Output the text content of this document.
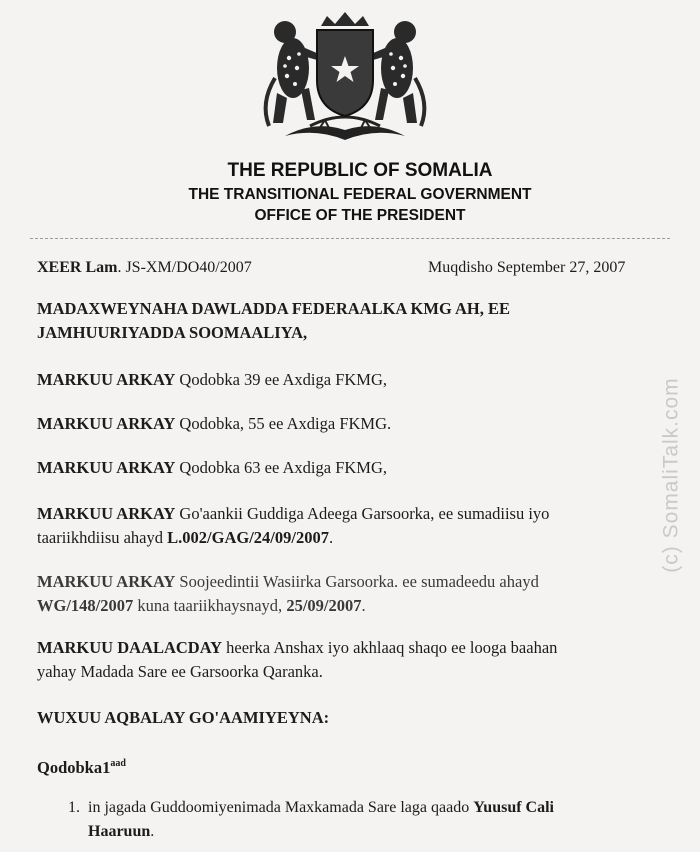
THE REPUBLIC OF SOMALIA
THE TRANSITIONAL FEDERAL GOVERNMENT
OFFICE OF THE PRESIDENT
XEER Lam. JS-XM/DO40/2007	Muqdisho September 27, 2007
MADAXWEYNAHA DAWLADDA FEDERAALKA KMG AH, EE
JAMHUURIYADDA SOOMAALIYA,
MARKUU ARKAY Qodobka 39 ee Axdiga FKMG,
MARKUU ARKAY Qodobka, 55 ee Axdiga FKMG.
MARKUU ARKAY Qodobka 63 ee Axdiga FKMG,
MARKUU ARKAY Go'aankii Guddiga Adeega Garsoorka, ee sumadiisu iyo
taariikhdiisu ahayd L.002/GAG/24/09/2007.
MARKUU ARKAY Soojeedintii Wasiirka Garsoorka. ee sumadeedu ahayd
WG/148/2007 kuna taariikhaysnayd, 25/09/2007.
MARKUU DAALACDAY heerka Anshax iyo akhlaaq shaqo ee looga baahan
yahay Madada Sare ee Garsoorka Qaranka.
WUXUU AQBALAY GO'AAMIYEYNA:
$Qodobka1^{aad}$
1. in jagada Guddoomiyenimada Maxkamada Sare laga qaado Yuusuf Cali
Haaruun.
(c) SomaliTalk.com
